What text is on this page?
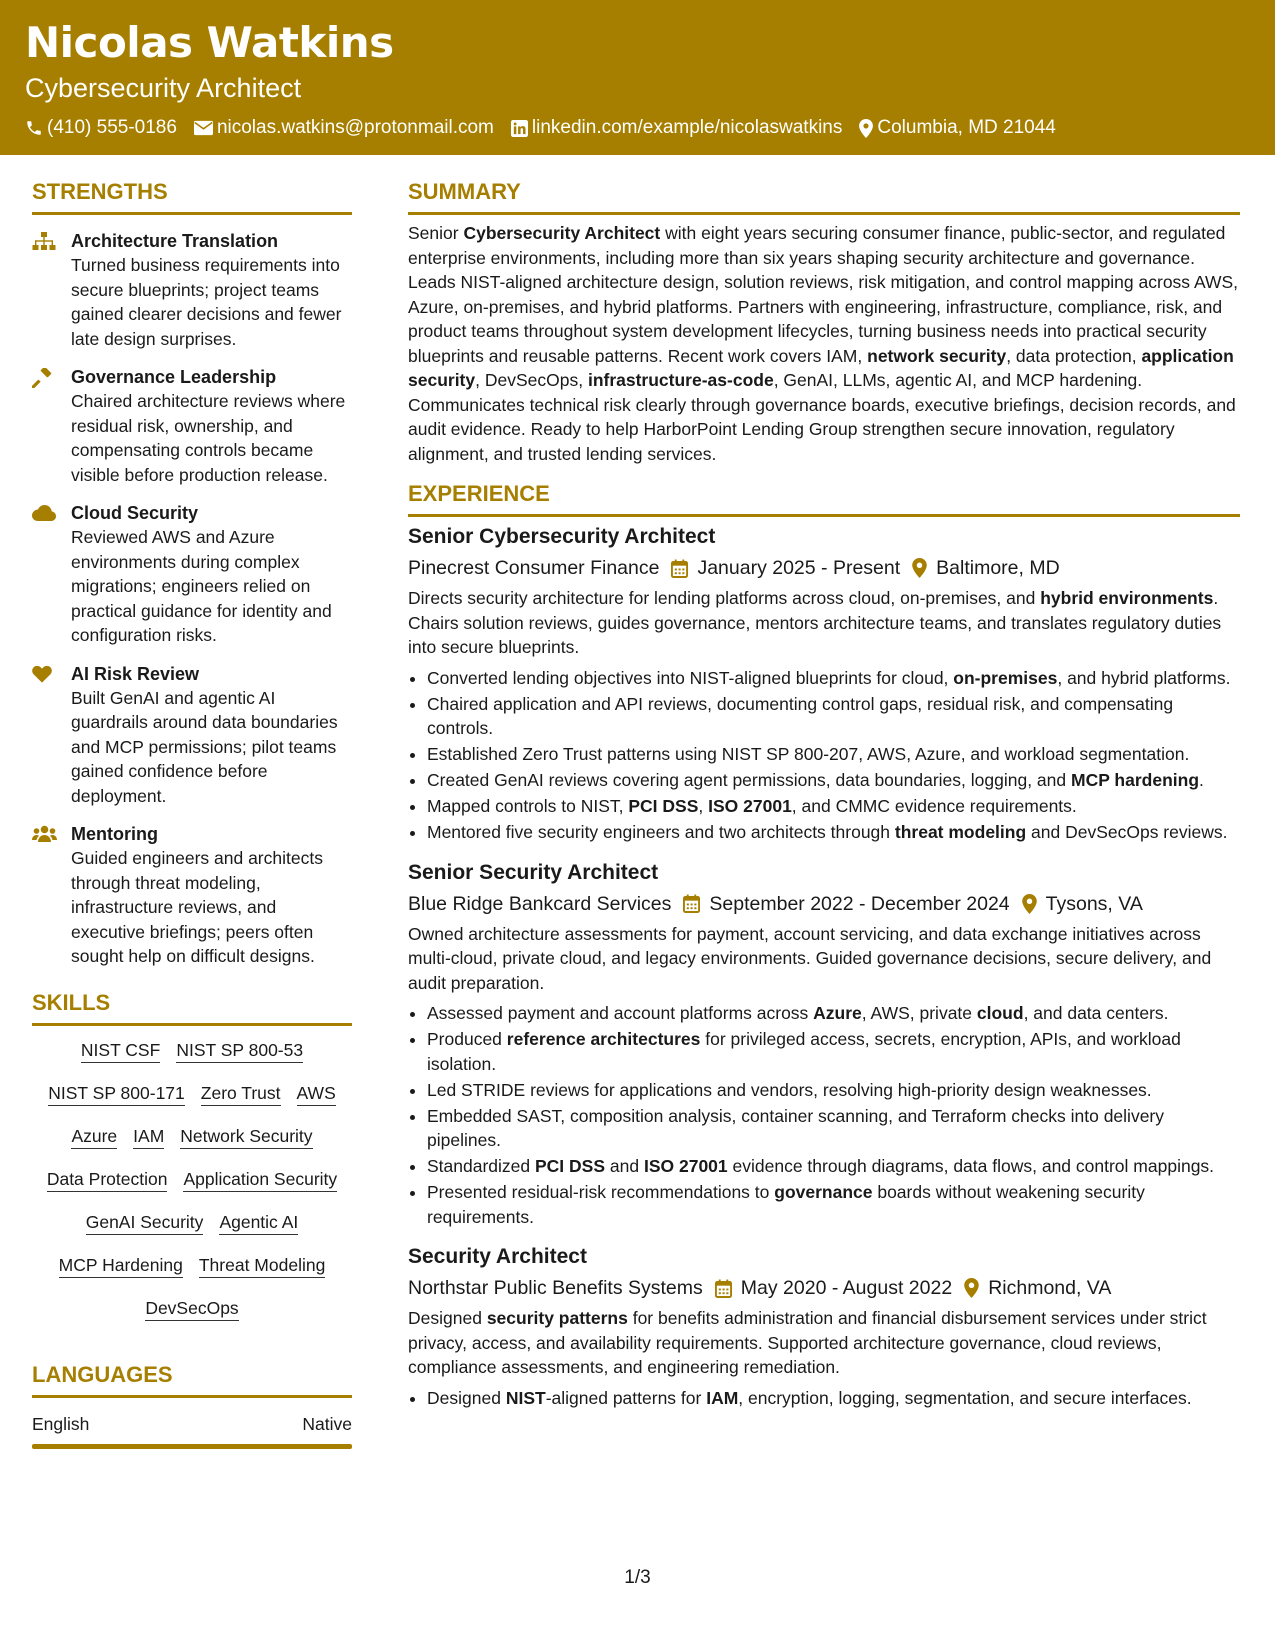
Nicolas Watkins
Cybersecurity Architect
(410) 555-0186 nicolas.watkins@protonmail.com linkedin.com/example/nicolaswatkins Columbia, MD 21044
STRENGTHS
Architecture Translation
Turned business requirements into secure blueprints; project teams gained clearer decisions and fewer late design surprises.
Governance Leadership
Chaired architecture reviews where residual risk, ownership, and compensating controls became visible before production release.
Cloud Security
Reviewed AWS and Azure environments during complex migrations; engineers relied on practical guidance for identity and configuration risks.
AI Risk Review
Built GenAI and agentic AI guardrails around data boundaries and MCP permissions; pilot teams gained confidence before deployment.
Mentoring
Guided engineers and architects through threat modeling, infrastructure reviews, and executive briefings; peers often sought help on difficult designs.
SKILLS
NIST CSF NIST SP 800-53
NIST SP 800-171 Zero Trust AWS
Azure IAM Network Security
Data Protection Application Security
GenAI Security Agentic AI
MCP Hardening Threat Modeling
DevSecOps
LANGUAGES
English	Native
SUMMARY
Senior Cybersecurity Architect with eight years securing consumer finance, public-sector, and regulated enterprise environments, including more than six years shaping security architecture and governance. Leads NIST-aligned architecture design, solution reviews, risk mitigation, and control mapping across AWS, Azure, on-premises, and hybrid platforms. Partners with engineering, infrastructure, compliance, risk, and product teams throughout system development lifecycles, turning business needs into practical security blueprints and reusable patterns. Recent work covers IAM, network security, data protection, application security, DevSecOps, infrastructure-as-code, GenAI, LLMs, agentic AI, and MCP hardening. Communicates technical risk clearly through governance boards, executive briefings, decision records, and audit evidence. Ready to help HarborPoint Lending Group strengthen secure innovation, regulatory alignment, and trusted lending services.
EXPERIENCE
Senior Cybersecurity Architect
Pinecrest Consumer Finance January 2025 - Present Baltimore, MD
Directs security architecture for lending platforms across cloud, on-premises, and hybrid environments. Chairs solution reviews, guides governance, mentors architecture teams, and translates regulatory duties into secure blueprints.
• Converted lending objectives into NIST-aligned blueprints for cloud, on-premises, and hybrid platforms.
• Chaired application and API reviews, documenting control gaps, residual risk, and compensating controls.
• Established Zero Trust patterns using NIST SP 800-207, AWS, Azure, and workload segmentation.
• Created GenAI reviews covering agent permissions, data boundaries, logging, and MCP hardening.
• Mapped controls to NIST, PCI DSS, ISO 27001, and CMMC evidence requirements.
• Mentored five security engineers and two architects through threat modeling and DevSecOps reviews.
Senior Security Architect
Blue Ridge Bankcard Services September 2022 - December 2024 Tysons, VA
Owned architecture assessments for payment, account servicing, and data exchange initiatives across multi-cloud, private cloud, and legacy environments. Guided governance decisions, secure delivery, and audit preparation.
• Assessed payment and account platforms across Azure, AWS, private cloud, and data centers.
• Produced reference architectures for privileged access, secrets, encryption, APIs, and workload isolation.
• Led STRIDE reviews for applications and vendors, resolving high-priority design weaknesses.
• Embedded SAST, composition analysis, container scanning, and Terraform checks into delivery pipelines.
• Standardized PCI DSS and ISO 27001 evidence through diagrams, data flows, and control mappings.
• Presented residual-risk recommendations to governance boards without weakening security requirements.
Security Architect
Northstar Public Benefits Systems May 2020 - August 2022 Richmond, VA
Designed security patterns for benefits administration and financial disbursement services under strict privacy, access, and availability requirements. Supported architecture governance, cloud reviews, compliance assessments, and engineering remediation.
• Designed NIST-aligned patterns for IAM, encryption, logging, segmentation, and secure interfaces.
1/3
